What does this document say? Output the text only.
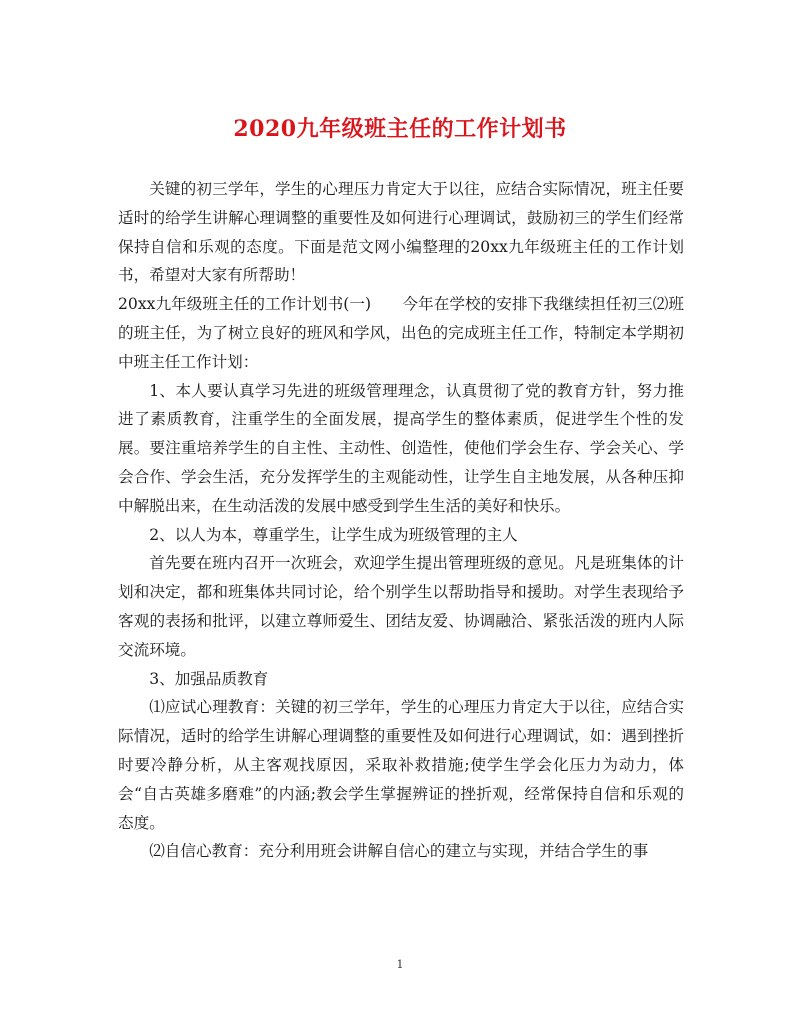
2020九年级班主任的工作计划书

关键的初三学年，学生的心理压力肯定大于以往，应结合实际情况，班主任要适时的给学生讲解心理调整的重要性及如何进行心理调试，鼓励初三的学生们经常保持自信和乐观的态度。下面是范文网小编整理的20xx九年级班主任的工作计划书，希望对大家有所帮助！

20xx九年级班主任的工作计划书(一)　　今年在学校的安排下我继续担任初三⑵班的班主任，为了树立良好的班风和学风，出色的完成班主任工作，特制定本学期初中班主任工作计划：

1、本人要认真学习先进的班级管理理念，认真贯彻了党的教育方针，努力推进了素质教育，注重学生的全面发展，提高学生的整体素质，促进学生个性的发展。要注重培养学生的自主性、主动性、创造性，使他们学会生存、学会关心、学会合作、学会生活，充分发挥学生的主观能动性，让学生自主地发展，从各种压抑中解脱出来，在生动活泼的发展中感受到学生生活的美好和快乐。

2、以人为本，尊重学生，让学生成为班级管理的主人

首先要在班内召开一次班会，欢迎学生提出管理班级的意见。凡是班集体的计划和决定，都和班集体共同讨论，给个别学生以帮助指导和援助。对学生表现给予客观的表扬和批评，以建立尊师爱生、团结友爱、协调融洽、紧张活泼的班内人际交流环境。

3、加强品质教育

⑴应试心理教育：关键的初三学年，学生的心理压力肯定大于以往，应结合实际情况，适时的给学生讲解心理调整的重要性及如何进行心理调试，如：遇到挫折时要冷静分析，从主客观找原因，采取补救措施;使学生学会化压力为动力，体会“自古英雄多磨难”的内涵;教会学生掌握辨证的挫折观，经常保持自信和乐观的态度。

⑵自信心教育：充分利用班会讲解自信心的建立与实现，并结合学生的事

1
